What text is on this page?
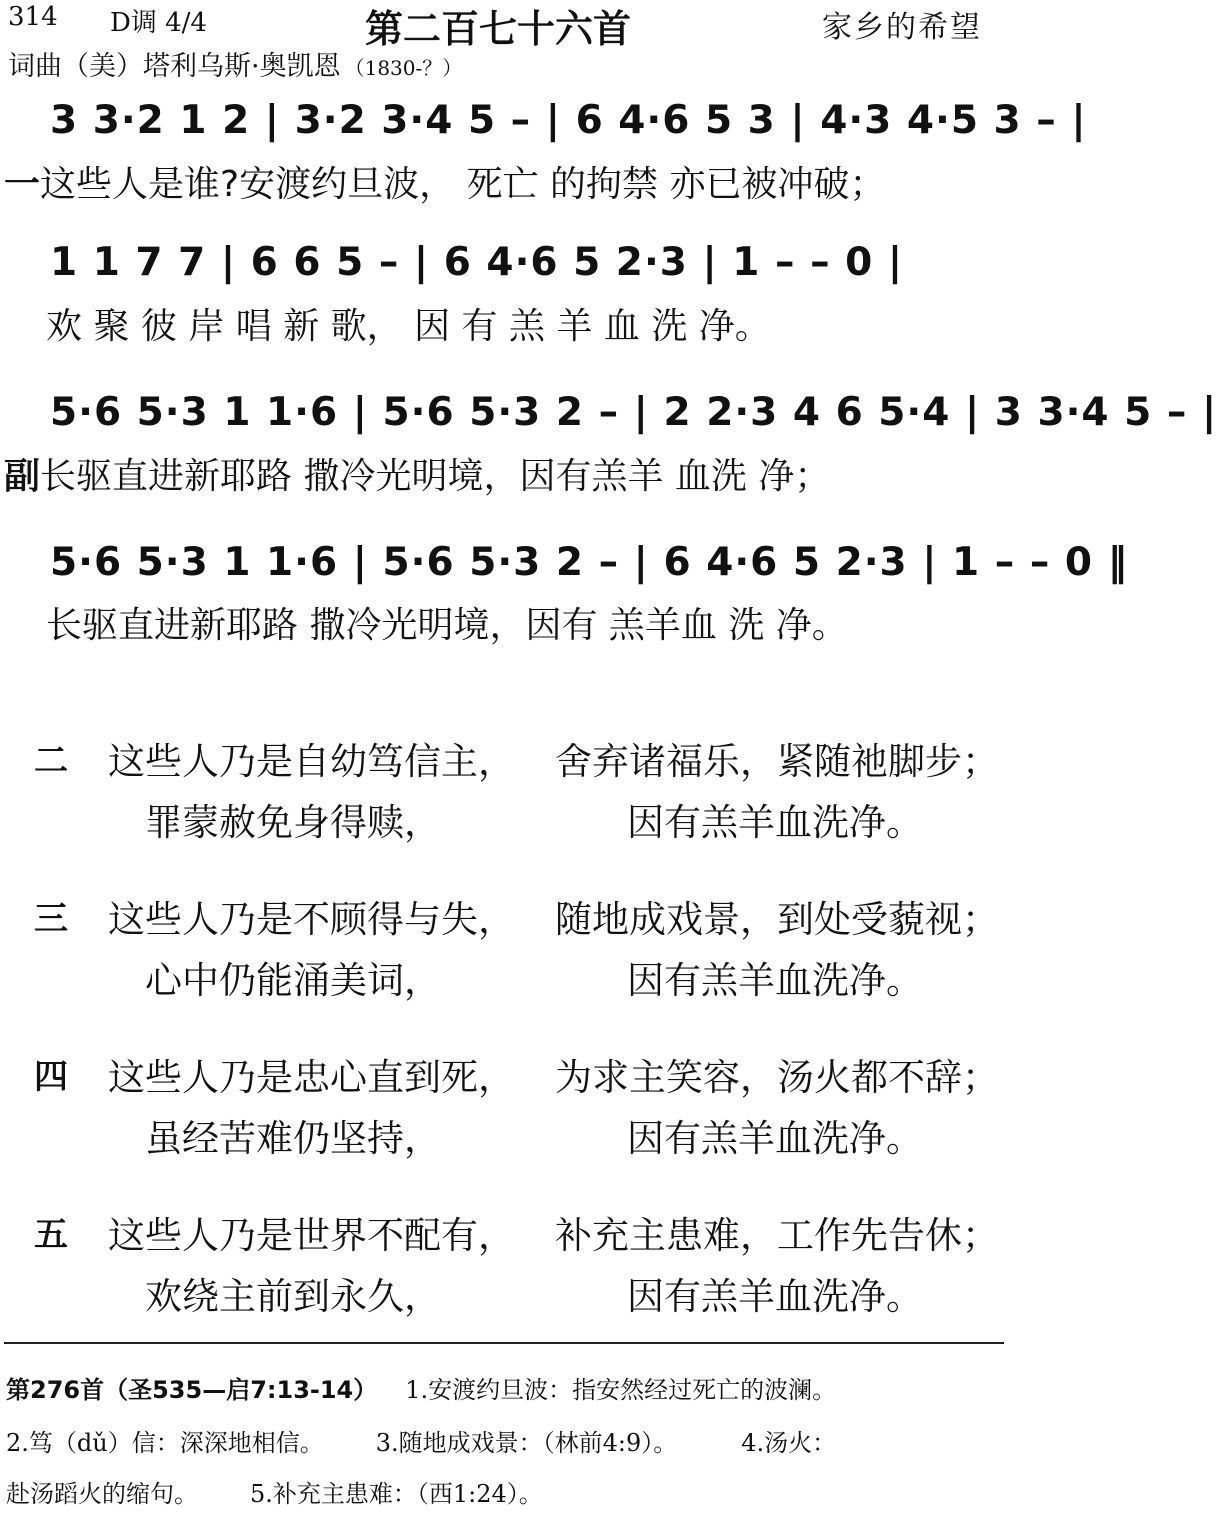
314 D调 4/4	第二百七十六首	家乡的希望
词曲（美）塔利乌斯·奥凯恩 （1830-？）
3 3·2 1 2 | 3·2 3·4 5 – | 6 4·6 5 3 | 4·3 4·5 3 – |
一这些人是谁?安渡约旦波， 死亡 的拘禁 亦已被冲破；
1 1 7 7 | 6 6 5 – | 6 4·6 5 2·3 | 1 – – 0 |
欢 聚 彼 岸 唱 新 歌， 因 有 羔 羊 血 洗 净。
5·6 5·3 1 1·6 | 5·6 5·3 2 – | 2 2·3 4 6 5·4 | 3 3·4 5 – |
副长驱直进新耶路 撒冷光明境，因有羔羊 血洗 净；
5·6 5·3 1 1·6 | 5·6 5·3 2 – | 6 4·6 5 2·3 | 1 – – 0 ‖
长驱直进新耶路 撒冷光明境，因有 羔羊血 洗 净。
二 这些人乃是自幼笃信主， 舍弃诸福乐，紧随祂脚步；
罪蒙赦免身得赎，	因有羔羊血洗净。
三 这些人乃是不顾得与失， 随地成戏景，到处受藐视；
心中仍能涌美词，	因有羔羊血洗净。
四 这些人乃是忠心直到死， 为求主笑容，汤火都不辞；
虽经苦难仍坚持，	因有羔羊血洗净。
五 这些人乃是世界不配有， 补充主患难，工作先告休；
欢绕主前到永久，	因有羔羊血洗净。
第276首（圣535—启7:13-14） 1.安渡约旦波：指安然经过死亡的波澜。
2.笃（dǔ）信：深深地相信。 3.随地成戏景：（林前4:9）。	4.汤火：
赴汤蹈火的缩句。 5.补充主患难：（西1:24）。
